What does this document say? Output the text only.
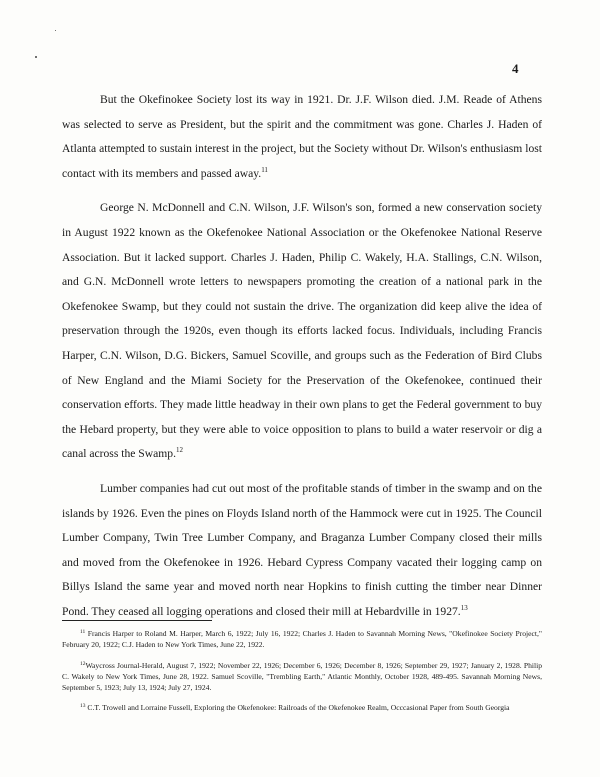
4

But the Okefinokee Society lost its way in 1921. Dr. J.F. Wilson died. J.M. Reade of Athens was selected to serve as President, but the spirit and the commitment was gone. Charles J. Haden of Atlanta attempted to sustain interest in the project, but the Society without Dr. Wilson's enthusiasm lost contact with its members and passed away.$^{11}$

George N. McDonnell and C.N. Wilson, J.F. Wilson's son, formed a new conservation society in August 1922 known as the Okefenokee National Association or the Okefenokee National Reserve Association. But it lacked support. Charles J. Haden, Philip C. Wakely, H.A. Stallings, C.N. Wilson, and G.N. McDonnell wrote letters to newspapers promoting the creation of a national park in the Okefenokee Swamp, but they could not sustain the drive. The organization did keep alive the idea of preservation through the 1920s, even though its efforts lacked focus. Individuals, including Francis Harper, C.N. Wilson, D.G. Bickers, Samuel Scoville, and groups such as the Federation of Bird Clubs of New England and the Miami Society for the Preservation of the Okefenokee, continued their conservation efforts. They made little headway in their own plans to get the Federal government to buy the Hebard property, but they were able to voice opposition to plans to build a water reservoir or dig a canal across the Swamp.$^{12}$

Lumber companies had cut out most of the profitable stands of timber in the swamp and on the islands by 1926. Even the pines on Floyds Island north of the Hammock were cut in 1925. The Council Lumber Company, Twin Tree Lumber Company, and Braganza Lumber Company closed their mills and moved from the Okefenokee in 1926. Hebard Cypress Company vacated their logging camp on Billys Island the same year and moved north near Hopkins to finish cutting the timber near Dinner Pond. They ceased all logging operations and closed their mill at Hebardville in 1927.13

$^{11}$ Francis Harper to Roland M. Harper, March 6, 1922; July 16, 1922; Charles J. Haden to Savannah Morning News, "Okefinokee Society Project," February 20, 1922; C.J. Haden to New York Times, June 22, 1922.

$^{12}$Waycross Journal-Herald, August 7, 1922; November 22, 1926; December 6, 1926; December 8, 1926; September 29, 1927; January 2, 1928. Philip C. Wakely to New York Times, June 28, 1922. Samuel Scoville, "Trembling Earth," Atlantic Monthly, October 1928, 489-495. Savannah Morning News, September 5, 1923; July 13, 1924; July 27, 1924.

$^{13}$ C.T. Trowell and Lorraine Fussell, Exploring the Okefenokee: Railroads of the Okefenokee Realm, Occcasional Paper from South Georgia
